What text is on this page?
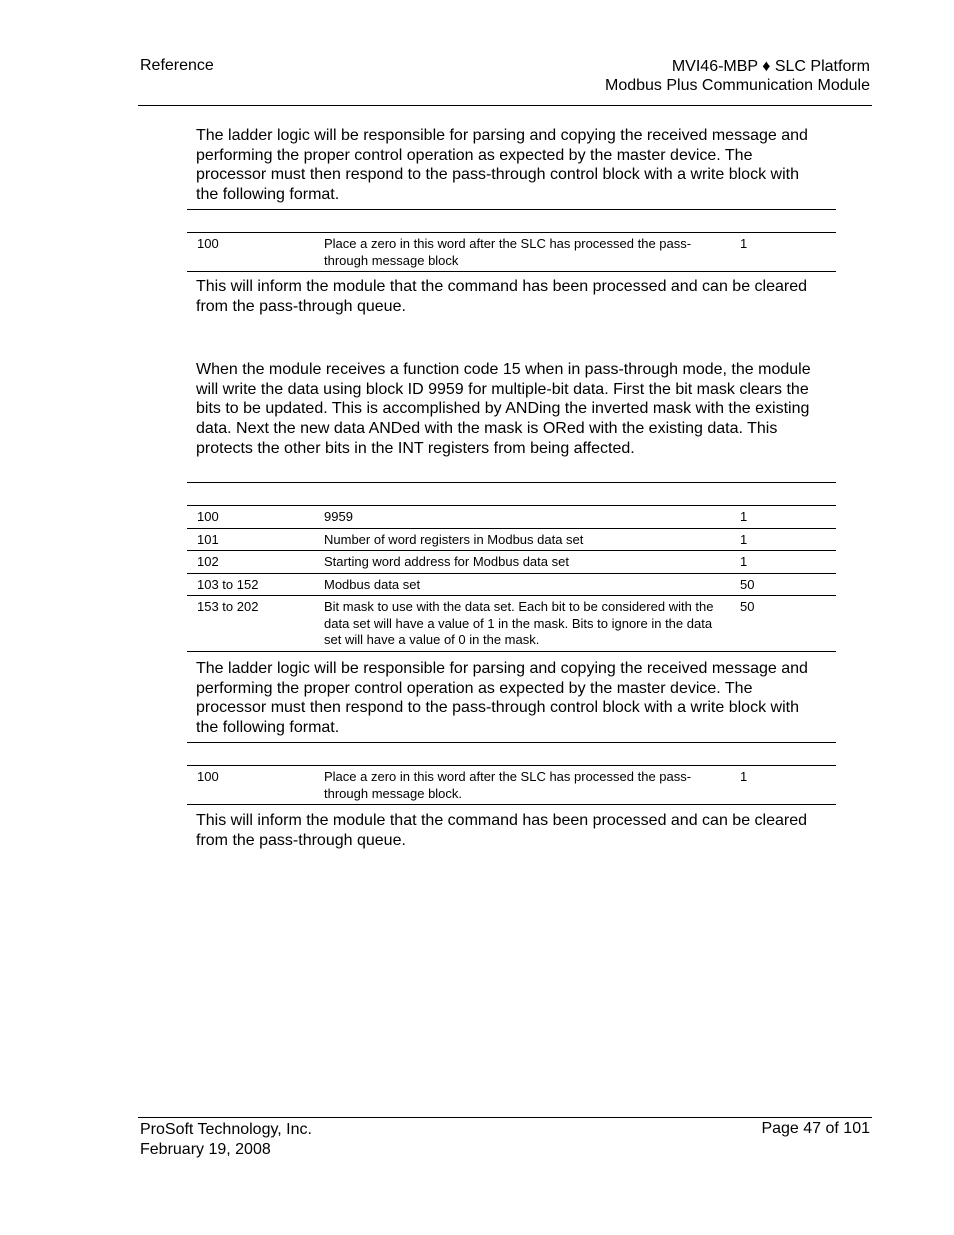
Reference	MVI46-MBP ♦ SLC Platform
Modbus Plus Communication Module
The ladder logic will be responsible for parsing and copying the received message and performing the proper control operation as expected by the master device. The processor must then respond to the pass-through control block with a write block with the following format.

100	Place a zero in this word after the SLC has processed the pass-through message block	1
This will inform the module that the command has been processed and can be cleared from the pass-through queue.
When the module receives a function code 15 when in pass-through mode, the module will write the data using block ID 9959 for multiple-bit data. First the bit mask clears the bits to be updated. This is accomplished by ANDing the inverted mask with the existing data. Next the new data ANDed with the mask is ORed with the existing data. This protects the other bits in the INT registers from being affected.

100	9959	1
101	Number of word registers in Modbus data set	1
102	Starting word address for Modbus data set	1
103 to 152	Modbus data set	50
153 to 202	Bit mask to use with the data set. Each bit to be considered with the data set will have a value of 1 in the mask. Bits to ignore in the data set will have a value of 0 in the mask.	50
The ladder logic will be responsible for parsing and copying the received message and performing the proper control operation as expected by the master device. The processor must then respond to the pass-through control block with a write block with the following format.

100	Place a zero in this word after the SLC has processed the pass-through message block.	1
This will inform the module that the command has been processed and can be cleared from the pass-through queue.
ProSoft Technology, Inc.
February 19, 2008
Page 47 of 101
